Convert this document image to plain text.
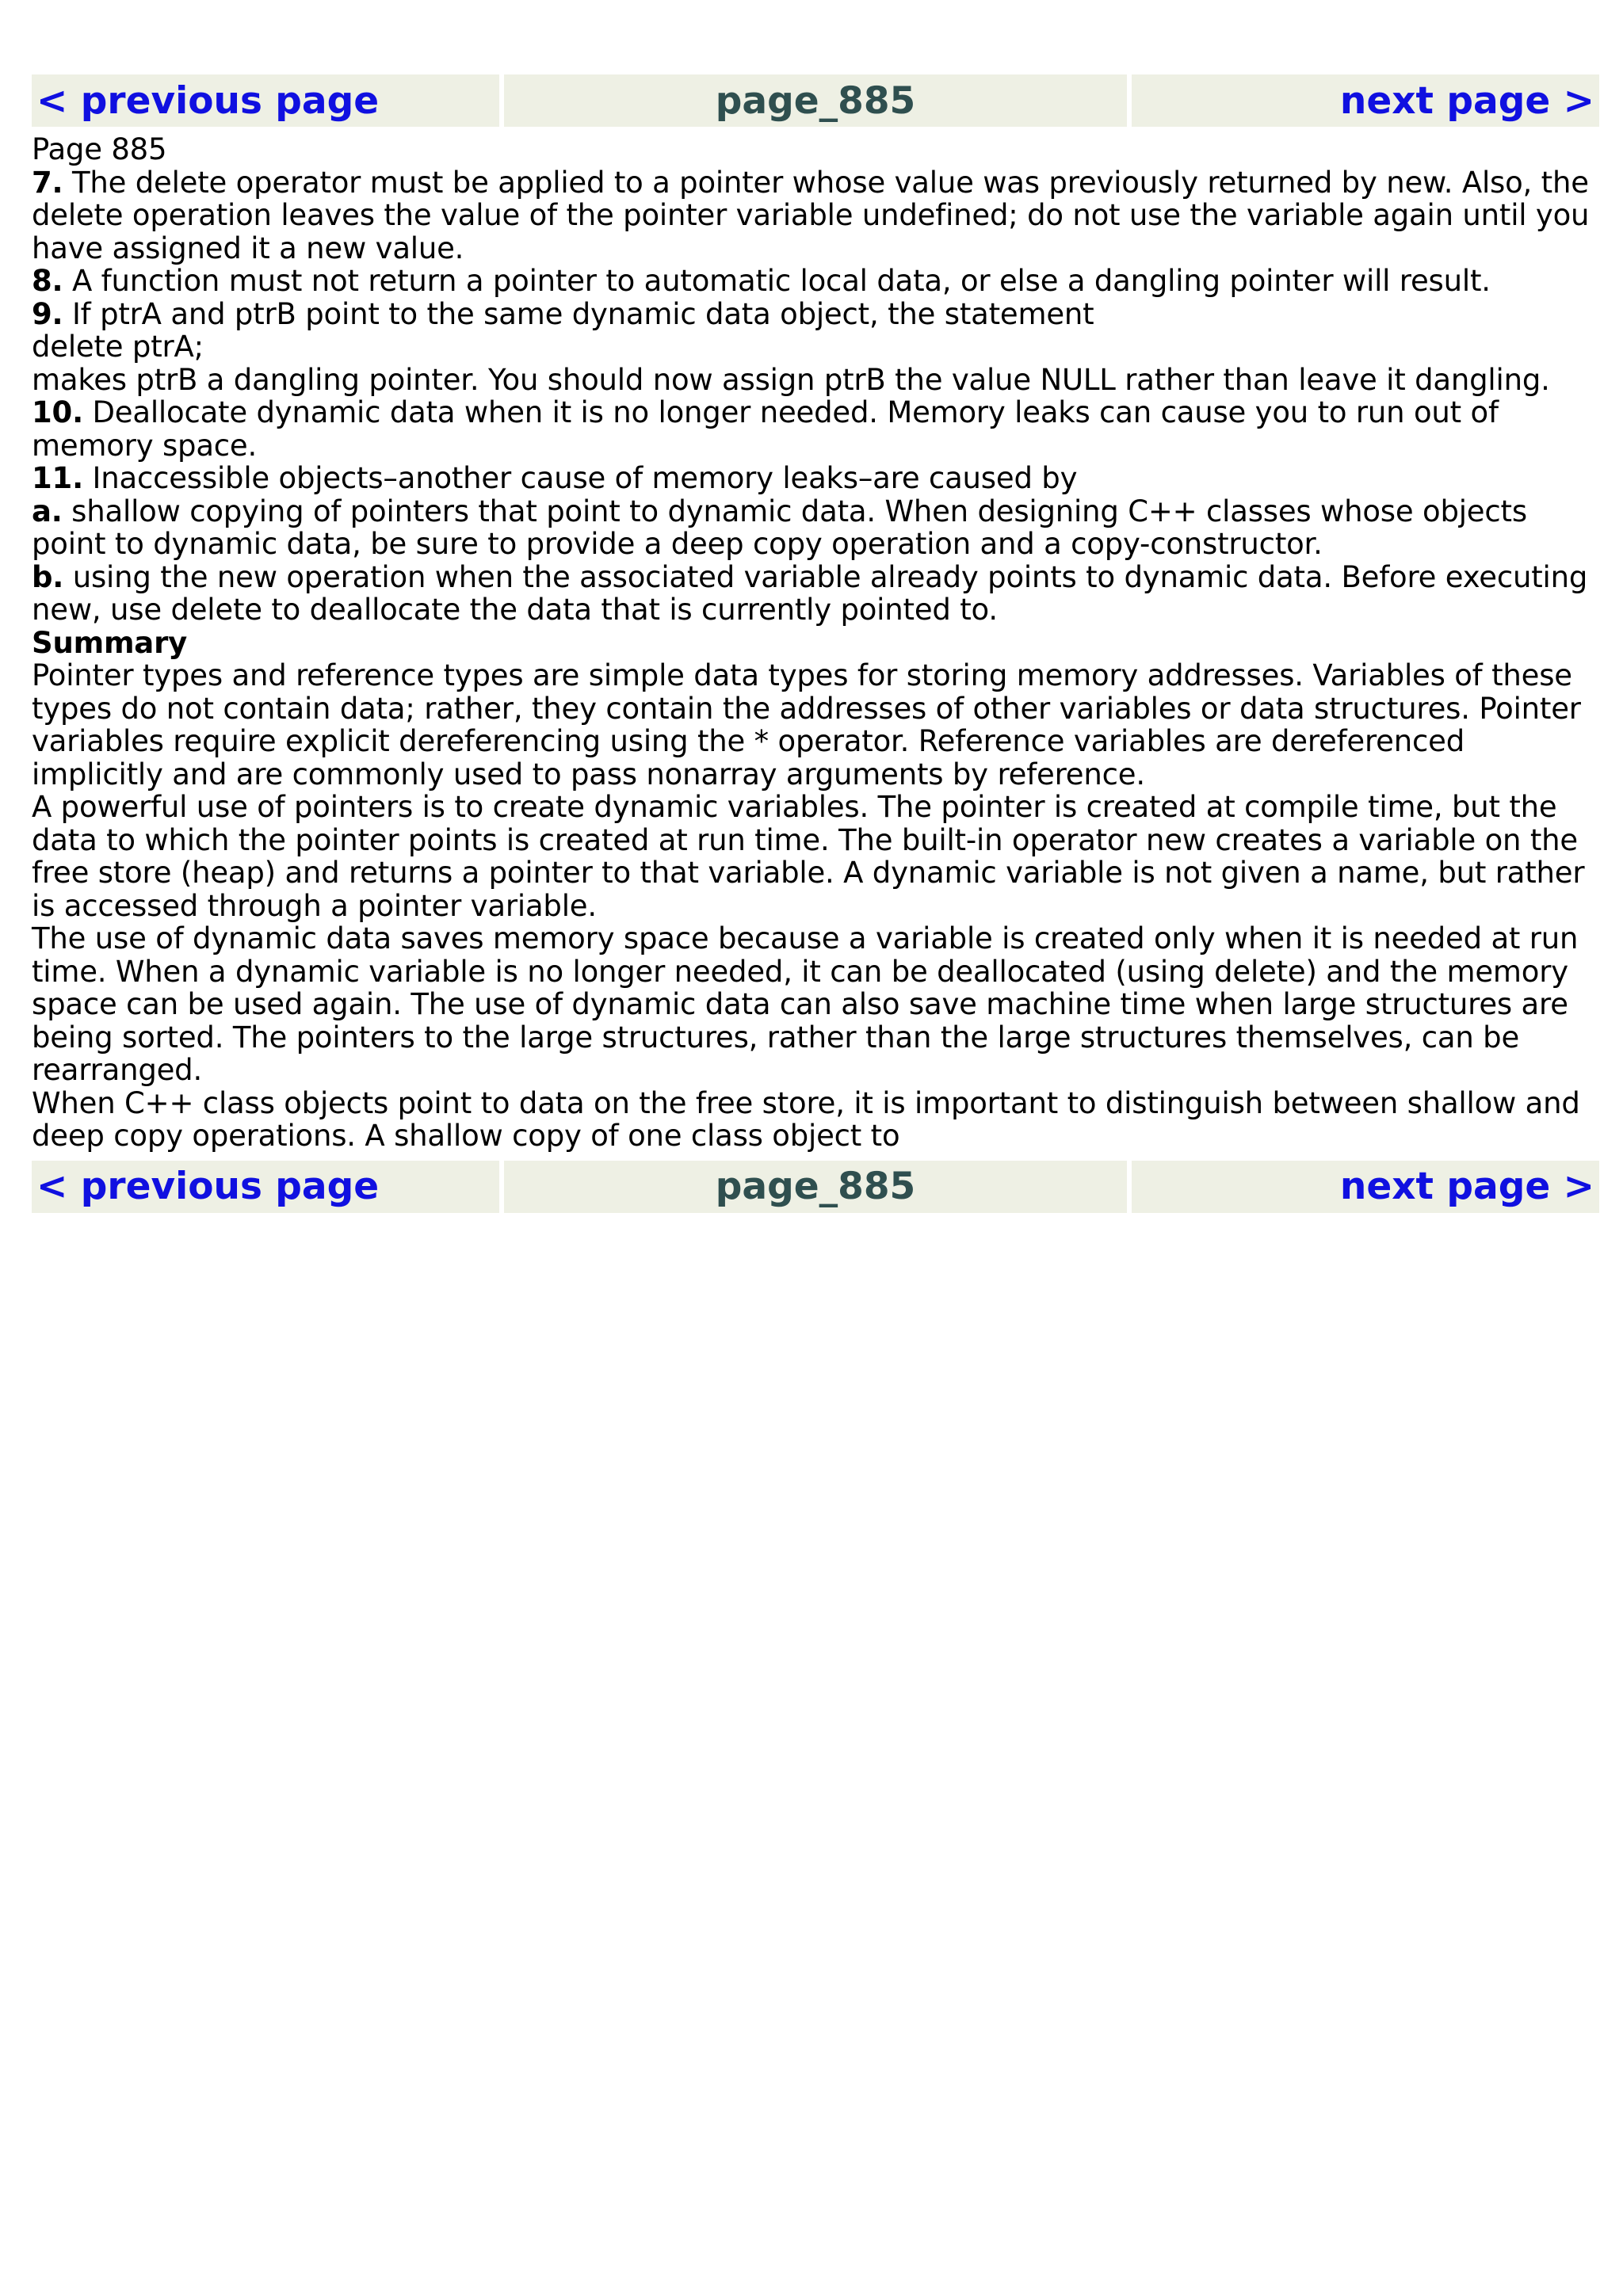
< previous page	page_885	next page >

Page 885

7. The delete operator must be applied to a pointer whose value was previously returned by new. Also, the delete operation leaves the value of the pointer variable undefined; do not use the variable again until you have assigned it a new value.

8. A function must not return a pointer to automatic local data, or else a dangling pointer will result.

9. If ptrA and ptrB point to the same dynamic data object, the statement

delete ptrA;

makes ptrB a dangling pointer. You should now assign ptrB the value NULL rather than leave it dangling.

10. Deallocate dynamic data when it is no longer needed. Memory leaks can cause you to run out of memory space.

11. Inaccessible objects–another cause of memory leaks–are caused by

a. shallow copying of pointers that point to dynamic data. When designing C++ classes whose objects point to dynamic data, be sure to provide a deep copy operation and a copy-constructor.

b. using the new operation when the associated variable already points to dynamic data. Before executing new, use delete to deallocate the data that is currently pointed to.

Summary

Pointer types and reference types are simple data types for storing memory addresses. Variables of these types do not contain data; rather, they contain the addresses of other variables or data structures. Pointer variables require explicit dereferencing using the * operator. Reference variables are dereferenced implicitly and are commonly used to pass nonarray arguments by reference.

A powerful use of pointers is to create dynamic variables. The pointer is created at compile time, but the data to which the pointer points is created at run time. The built-in operator new creates a variable on the free store (heap) and returns a pointer to that variable. A dynamic variable is not given a name, but rather is accessed through a pointer variable.

The use of dynamic data saves memory space because a variable is created only when it is needed at run time. When a dynamic variable is no longer needed, it can be deallocated (using delete) and the memory space can be used again. The use of dynamic data can also save machine time when large structures are being sorted. The pointers to the large structures, rather than the large structures themselves, can be rearranged.

When C++ class objects point to data on the free store, it is important to distinguish between shallow and deep copy operations. A shallow copy of one class object to

< previous page	page_885	next page >
